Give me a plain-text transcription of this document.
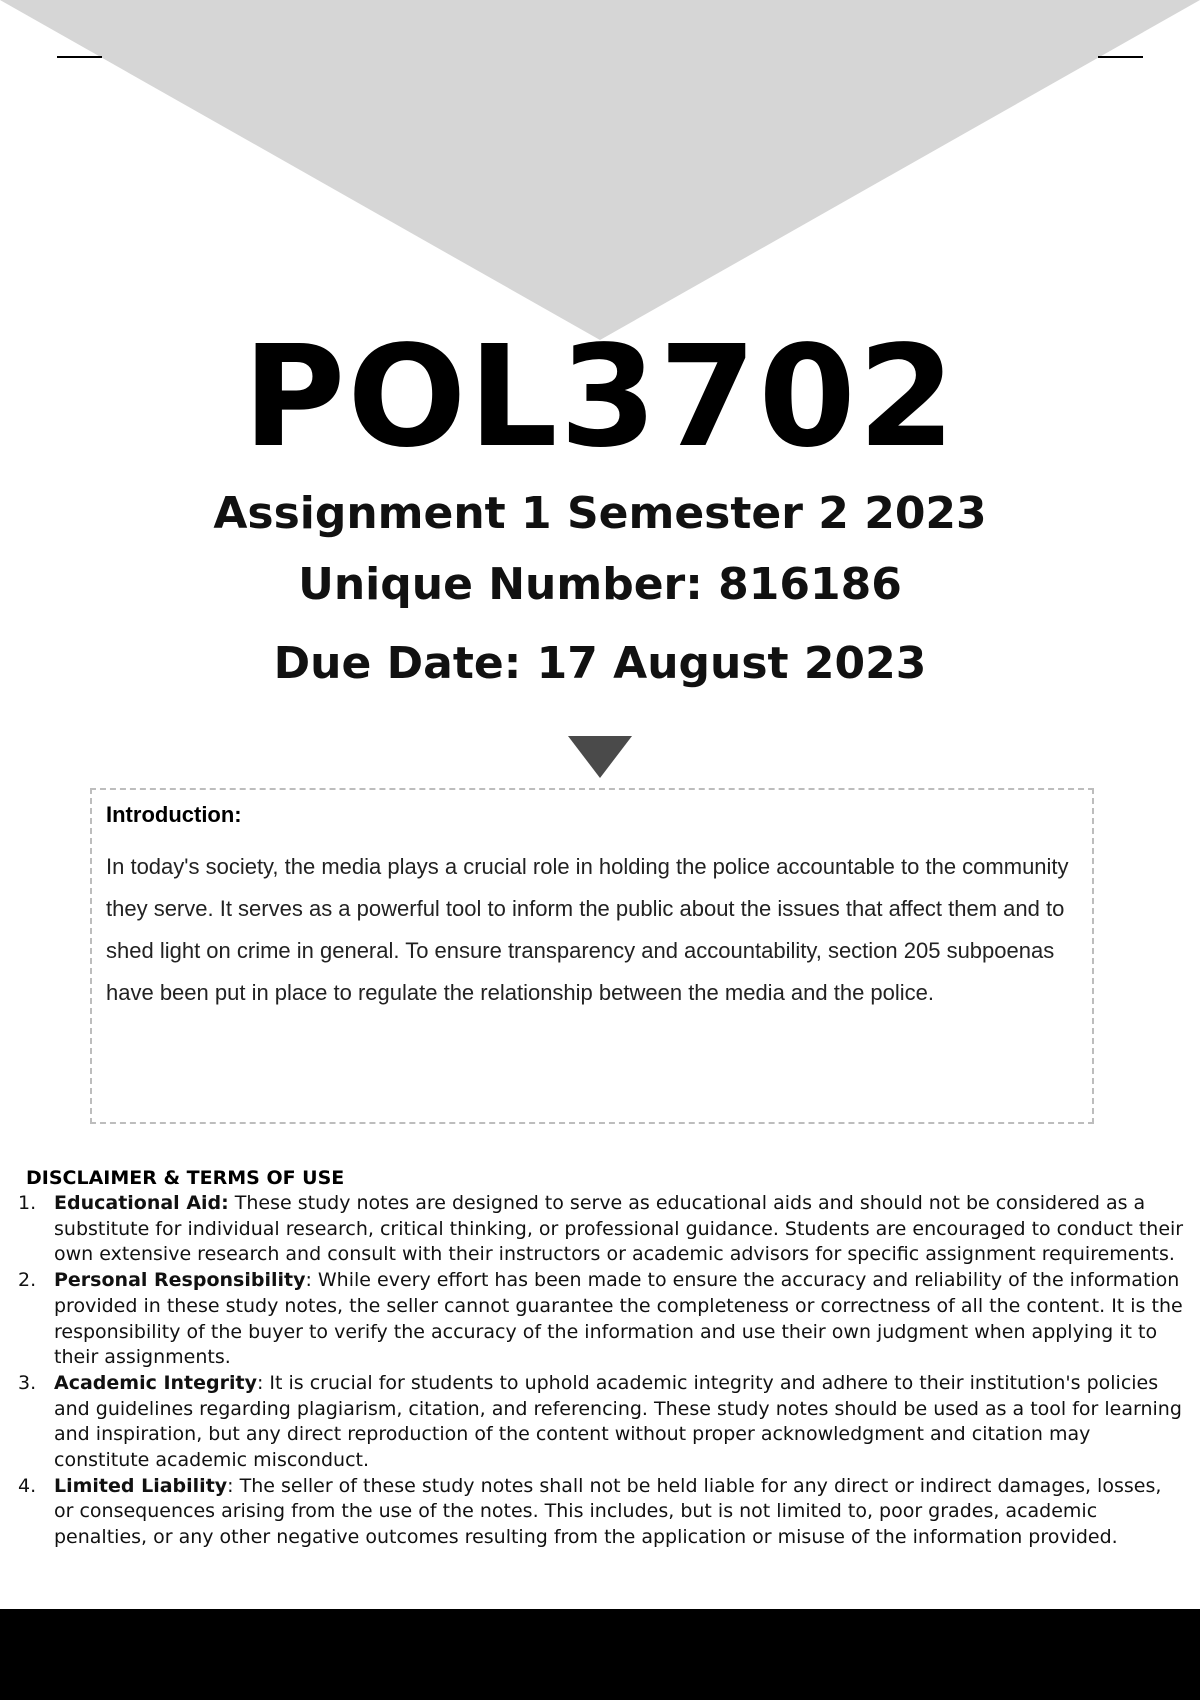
POL3702
Assignment 1 Semester 2 2023
Unique Number: 816186
Due Date: 17 August 2023

Introduction:

In today's society, the media plays a crucial role in holding the police accountable to the community they serve. It serves as a powerful tool to inform the public about the issues that affect them and to shed light on crime in general. To ensure transparency and accountability, section 205 subpoenas have been put in place to regulate the relationship between the media and the police.

DISCLAIMER & TERMS OF USE
1. Educational Aid: These study notes are designed to serve as educational aids and should not be considered as a substitute for individual research, critical thinking, or professional guidance. Students are encouraged to conduct their own extensive research and consult with their instructors or academic advisors for specific assignment requirements.
2. Personal Responsibility: While every effort has been made to ensure the accuracy and reliability of the information provided in these study notes, the seller cannot guarantee the completeness or correctness of all the content. It is the responsibility of the buyer to verify the accuracy of the information and use their own judgment when applying it to their assignments.
3. Academic Integrity: It is crucial for students to uphold academic integrity and adhere to their institution's policies and guidelines regarding plagiarism, citation, and referencing. These study notes should be used as a tool for learning and inspiration, but any direct reproduction of the content without proper acknowledgment and citation may constitute academic misconduct.
4. Limited Liability: The seller of these study notes shall not be held liable for any direct or indirect damages, losses, or consequences arising from the use of the notes. This includes, but is not limited to, poor grades, academic penalties, or any other negative outcomes resulting from the application or misuse of the information provided.
